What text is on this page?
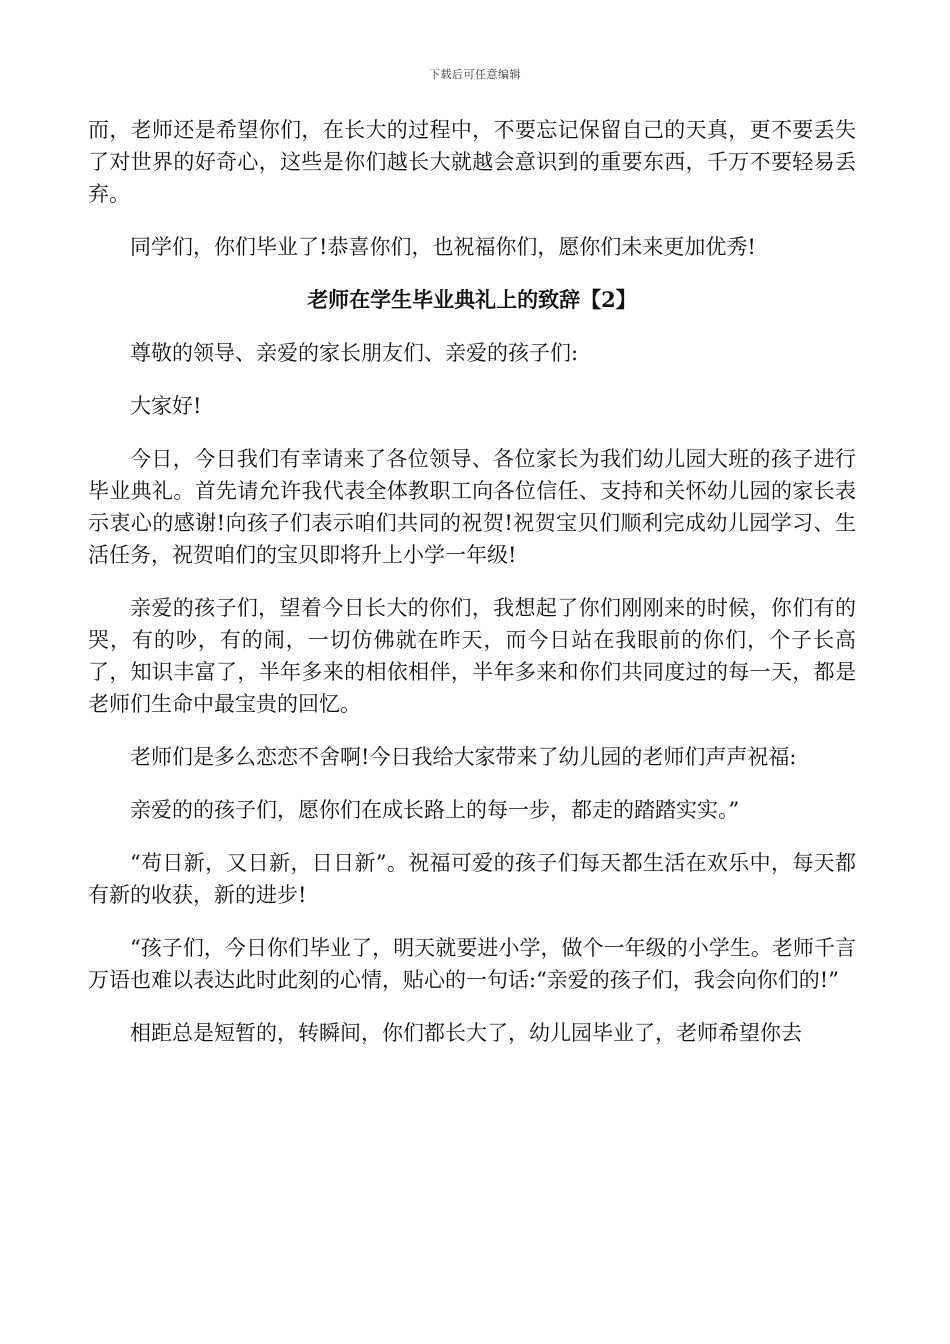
下载后可任意编辑

而，老师还是希望你们，在长大的过程中，不要忘记保留自己的天真，更不要丢失了对世界的好奇心，这些是你们越长大就越会意识到的重要东西，千万不要轻易丢弃。

同学们，你们毕业了!恭喜你们，也祝福你们，愿你们未来更加优秀!

老师在学生毕业典礼上的致辞【2】

尊敬的领导、亲爱的家长朋友们、亲爱的孩子们:

大家好!

今日，今日我们有幸请来了各位领导、各位家长为我们幼儿园大班的孩子进行毕业典礼。首先请允许我代表全体教职工向各位信任、支持和关怀幼儿园的家长表示衷心的感谢!向孩子们表示咱们共同的祝贺!祝贺宝贝们顺利完成幼儿园学习、生活任务，祝贺咱们的宝贝即将升上小学一年级!

亲爱的孩子们，望着今日长大的你们，我想起了你们刚刚来的时候，你们有的哭，有的吵，有的闹，一切仿佛就在昨天，而今日站在我眼前的你们，个子长高了，知识丰富了，半年多来的相依相伴，半年多来和你们共同度过的每一天，都是老师们生命中最宝贵的回忆。

老师们是多么恋恋不舍啊!今日我给大家带来了幼儿园的老师们声声祝福:

亲爱的的孩子们，愿你们在成长路上的每一步，都走的踏踏实实。”

“苟日新，又日新，日日新”。祝福可爱的孩子们每天都生活在欢乐中，每天都有新的收获，新的进步!

“孩子们，今日你们毕业了，明天就要进小学，做个一年级的小学生。老师千言万语也难以表达此时此刻的心情，贴心的一句话:“亲爱的孩子们，我会向你们的!”

相距总是短暂的，转瞬间，你们都长大了，幼儿园毕业了，老师希望你去
